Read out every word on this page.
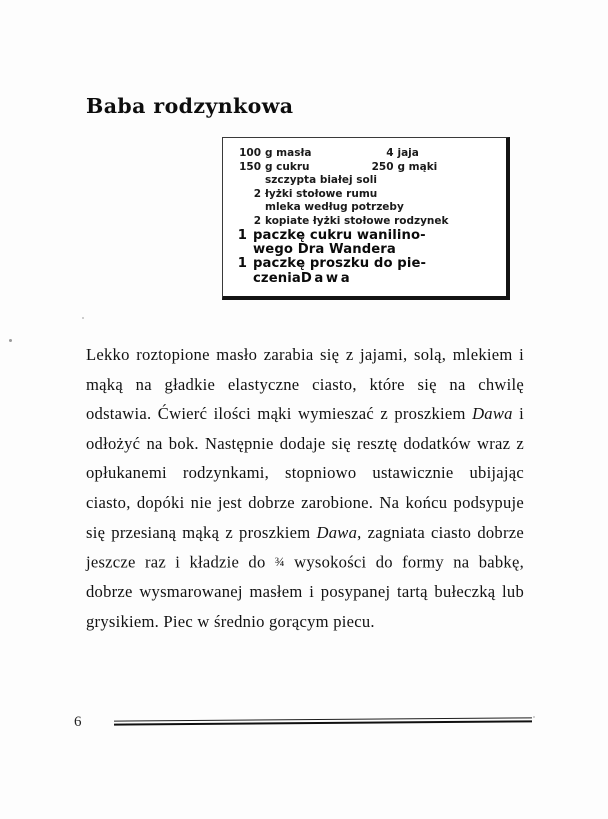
Baba rodzynkowa
100 g masła	4 jaja
150 g cukru	250 g mąki
szczypta białej soli
2 łyżki stołowe rumu
mleka według potrzeby
2 kopiate łyżki stołowe rodzynek
1 paczkę cukru wanilino-
wego Dra Wandera
1 paczkę proszku do pie-
czenia Dawa
Lekko roztopione masło zarabia się z jajami, solą, mlekiem i mąką na gładkie elastyczne ciasto, które się na chwilę odstawia. Ćwierć ilości mąki wymieszać z proszkiem Dawa i odłożyć na bok. Następnie dodaje się resztę dodatków wraz z opłukanemi rodzynkami, stopniowo ustawicznie ubijając ciasto, dopóki nie jest dobrze zarobione. Na końcu podsypuje się przesianą mąką z proszkiem Dawa, zagniata ciasto dobrze jeszcze raz i kładzie do ¾ wysokości do formy na babkę, dobrze wysmarowanej masłem i posypanej tartą bułeczką lub grysikiem. Piec w średnio gorącym piecu.
6
